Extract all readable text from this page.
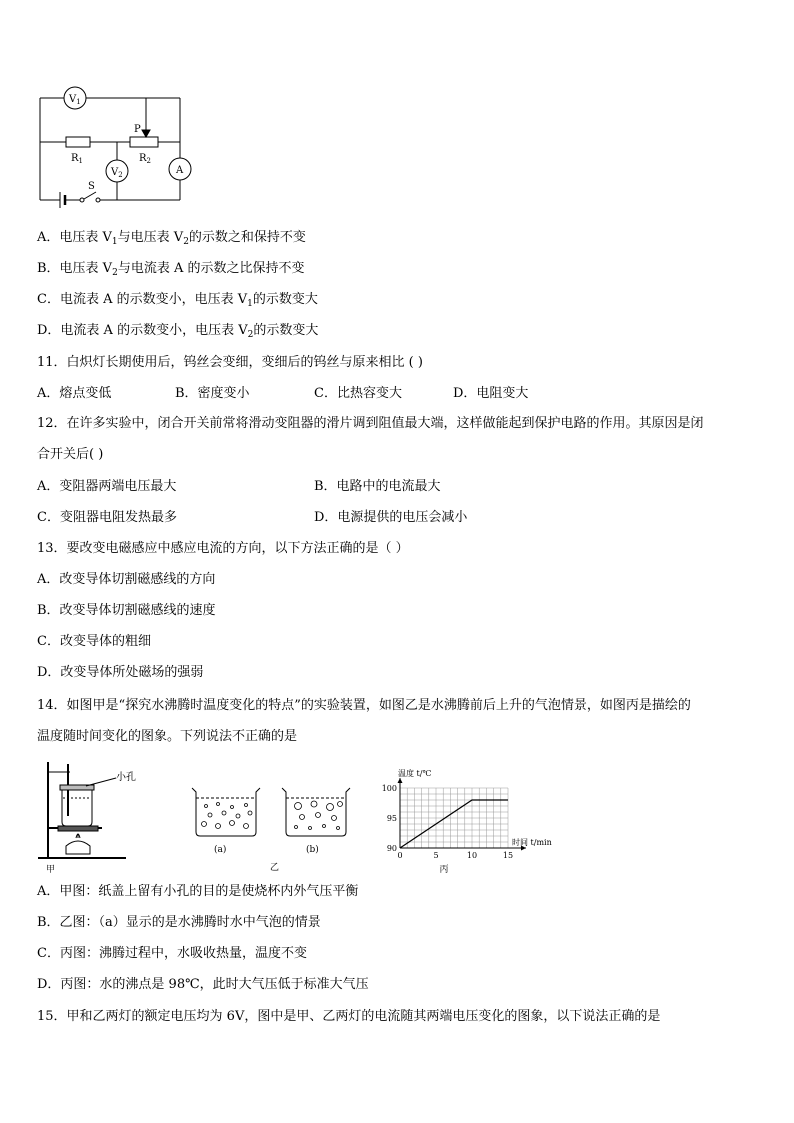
$V_1$
$R_1$	$R_2$
P
$V_2$	A
S
A．电压表 $V_1$与电压表 $V_2$的示数之和保持不变
B．电压表 $V_2$与电流表 A 的示数之比保持不变
C．电流表 A 的示数变小，电压表 $V_1$的示数变大
D．电流表 A 的示数变小，电压表 $V_2$的示数变大
11．白炽灯长期使用后，钨丝会变细，变细后的钨丝与原来相比 ( )
A．熔点变低	B．密度变小	C．比热容变大	D．电阻变大
12．在许多实验中，闭合开关前常将滑动变阻器的滑片调到阻值最大端，这样做能起到保护电路的作用。其原因是闭
合开关后( )
A．变阻器两端电压最大	B．电路中的电流最大
C．变阻器电阻发热最多	D．电源提供的电压会减小
13．要改变电磁感应中感应电流的方向，以下方法正确的是（ ）
A．改变导体切割磁感线的方向
B．改变导体切割磁感线的速度
C．改变导体的粗细
D．改变导体所处磁场的强弱
14．如图甲是“探究水沸腾时温度变化的特点”的实验装置，如图乙是水沸腾前后上升的气泡情景，如图丙是描绘的
温度随时间变化的图象。下列说法不正确的是
小孔
甲
(a)
乙
(b)
0	5	10	15
90
95
100
温度 t/℃
时间 t/min
丙
A．甲图：纸盖上留有小孔的目的是使烧杯内外气压平衡
B．乙图：（a）显示的是水沸腾时水中气泡的情景
C．丙图：沸腾过程中，水吸收热量，温度不变
D．丙图：水的沸点是 98℃，此时大气压低于标准大气压
15．甲和乙两灯的额定电压均为 6V，图中是甲、乙两灯的电流随其两端电压变化的图象，以下说法正确的是
